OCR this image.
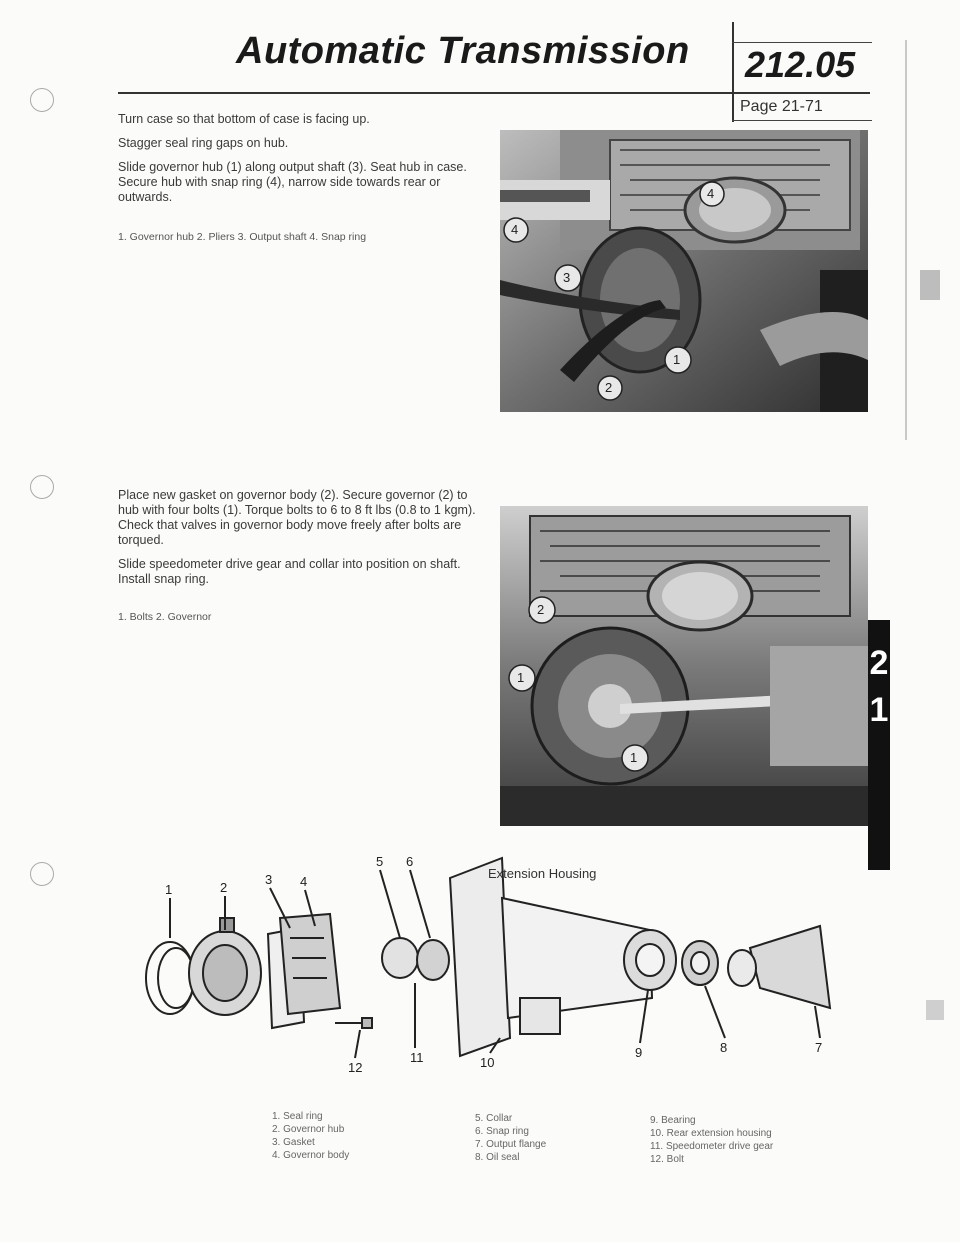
Automatic Transmission 212.05
Page 21-71

Turn case so that bottom of case is facing up.

Stagger seal ring gaps on hub.

Slide governor hub (1) along output shaft (3). Seat hub in case. Secure hub with snap ring (4), narrow side towards rear or outwards.

1. Governor hub 2. Pliers 3. Output shaft 4. Snap ring	4
4
3
1
2

Place new gasket on governor body (2). Secure governor (2) to hub with four bolts (1). Torque bolts to 6 to 8 ft lbs (0.8 to 1 kgm). Check that valves in governor body move freely after bolts are torqued.

Slide speedometer drive gear and collar into position on shaft. Install snap ring.

1. Bolts 2. Governor	2
1
1
2
1
Extension Housing
1	2
3 4
5 6
7
8
9
10
11
12
1. Seal ring
2. Governor hub
3. Gasket
4. Governor body
5. Collar
6. Snap ring
7. Output flange
8. Oil seal
9. Bearing
10. Rear extension housing
11. Speedometer drive gear
12. Bolt
